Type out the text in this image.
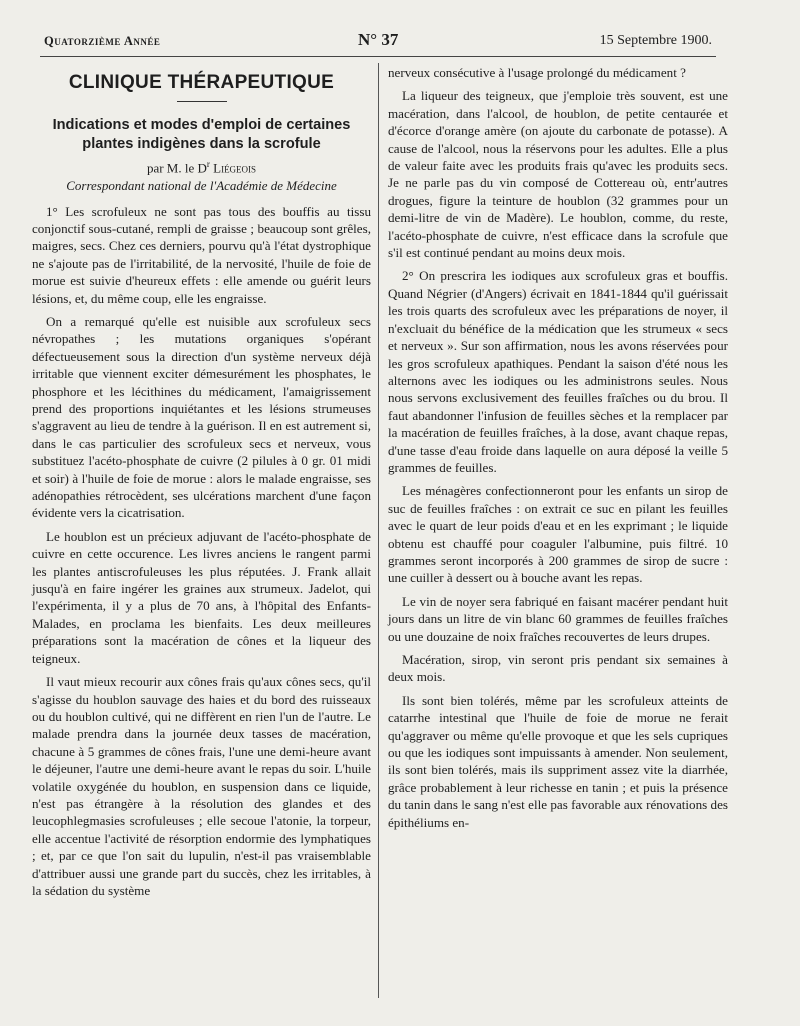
Quatorzième Année	N° 37	15 Septembre 1900.
CLINIQUE THÉRAPEUTIQUE
Indications et modes d'emploi de certaines plantes indigènes dans la scrofule
par M. le $D^r$ Liégeois
Correspondant national de l'Académie de Médecine

1° Les scrofuleux ne sont pas tous des bouffis au tissu conjonctif sous-cutané, rempli de graisse ; beaucoup sont grêles, maigres, secs. Chez ces derniers, pourvu qu'à l'état dystrophique ne s'ajoute pas de l'irritabilité, de la nervosité, l'huile de foie de morue est suivie d'heureux effets : elle amende ou guérit leurs lésions, et, du même coup, elle les engraisse.

On a remarqué qu'elle est nuisible aux scrofuleux secs névropathes ; les mutations organiques s'opérant défectueusement sous la direction d'un système nerveux déjà irritable que viennent exciter démesurément les phosphates, le phosphore et les lécithines du médicament, l'amaigrissement prend des proportions inquiétantes et les lésions strumeuses s'aggravent au lieu de tendre à la guérison. Il en est autrement si, dans le cas particulier des scrofuleux secs et nerveux, vous substituez l'acéto-phosphate de cuivre (2 pilules à 0 gr. 01 midi et soir) à l'huile de foie de morue : alors le malade engraisse, ses adénopathies rétrocèdent, ses ulcérations marchent d'une façon évidente vers la cicatrisation.

Le houblon est un précieux adjuvant de l'acéto-phosphate de cuivre en cette occurence. Les livres anciens le rangent parmi les plantes antiscrofuleuses les plus réputées. J. Frank allait jusqu'à en faire ingérer les graines aux strumeux. Jadelot, qui l'expérimenta, il y a plus de 70 ans, à l'hôpital des Enfants-Malades, en proclama les bienfaits. Les deux meilleures préparations sont la macération de cônes et la liqueur des teigneux.

Il vaut mieux recourir aux cônes frais qu'aux cônes secs, qu'il s'agisse du houblon sauvage des haies et du bord des ruisseaux ou du houblon cultivé, qui ne diffèrent en rien l'un de l'autre. Le malade prendra dans la journée deux tasses de macération, chacune à 5 grammes de cônes frais, l'une une demi-heure avant le déjeuner, l'autre une demi-heure avant le repas du soir. L'huile volatile oxygénée du houblon, en suspension dans ce liquide, n'est pas étrangère à la résolution des glandes et des leucophlegmasies scrofuleuses ; elle secoue l'atonie, la torpeur, elle accentue l'activité de résorption endormie des lymphatiques ; et, par ce que l'on sait du lupulin, n'est-il pas vraisemblable d'attribuer aussi une grande part du succès, chez les irritables, à la sédation du système

nerveux consécutive à l'usage prolongé du médicament ?

La liqueur des teigneux, que j'emploie très souvent, est une macération, dans l'alcool, de houblon, de petite centaurée et d'écorce d'orange amère (on ajoute du carbonate de potasse). A cause de l'alcool, nous la réservons pour les adultes. Elle a plus de valeur faite avec les produits frais qu'avec les produits secs. Je ne parle pas du vin composé de Cottereau où, entr'autres drogues, figure la teinture de houblon (32 grammes pour un demi-litre de vin de Madère). Le houblon, comme, du reste, l'acéto-phosphate de cuivre, n'est efficace dans la scrofule que s'il est continué pendant au moins deux mois.

2° On prescrira les iodiques aux scrofuleux gras et bouffis. Quand Négrier (d'Angers) écrivait en 1841-1844 qu'il guérissait les trois quarts des scrofuleux avec les préparations de noyer, il n'excluait du bénéfice de la médication que les strumeux « secs et nerveux ». Sur son affirmation, nous les avons réservées pour les gros scrofuleux apathiques. Pendant la saison d'été nous les alternons avec les iodiques ou les administrons seules. Nous nous servons exclusivement des feuilles fraîches ou du brou. Il faut abandonner l'infusion de feuilles sèches et la remplacer par la macération de feuilles fraîches, à la dose, avant chaque repas, d'une tasse d'eau froide dans laquelle on aura déposé la veille 5 grammes de feuilles.

Les ménagères confectionneront pour les enfants un sirop de suc de feuilles fraîches : on extrait ce suc en pilant les feuilles avec le quart de leur poids d'eau et en les exprimant ; le liquide obtenu est chauffé pour coaguler l'albumine, puis filtré. 10 grammes seront incorporés à 200 grammes de sirop de sucre : une cuiller à dessert ou à bouche avant les repas.

Le vin de noyer sera fabriqué en faisant macérer pendant huit jours dans un litre de vin blanc 60 grammes de feuilles fraîches ou une douzaine de noix fraîches recouvertes de leurs drupes.

Macération, sirop, vin seront pris pendant six semaines à deux mois.

Ils sont bien tolérés, même par les scrofuleux atteints de catarrhe intestinal que l'huile de foie de morue ne ferait qu'aggraver ou même qu'elle provoque et que les sels cupriques ou que les iodiques sont impuissants à amender. Non seulement, ils sont bien tolérés, mais ils suppriment assez vite la diarrhée, grâce probablement à leur richesse en tanin ; et puis la présence du tanin dans le sang n'est elle pas favorable aux rénovations des épithéliums en-
